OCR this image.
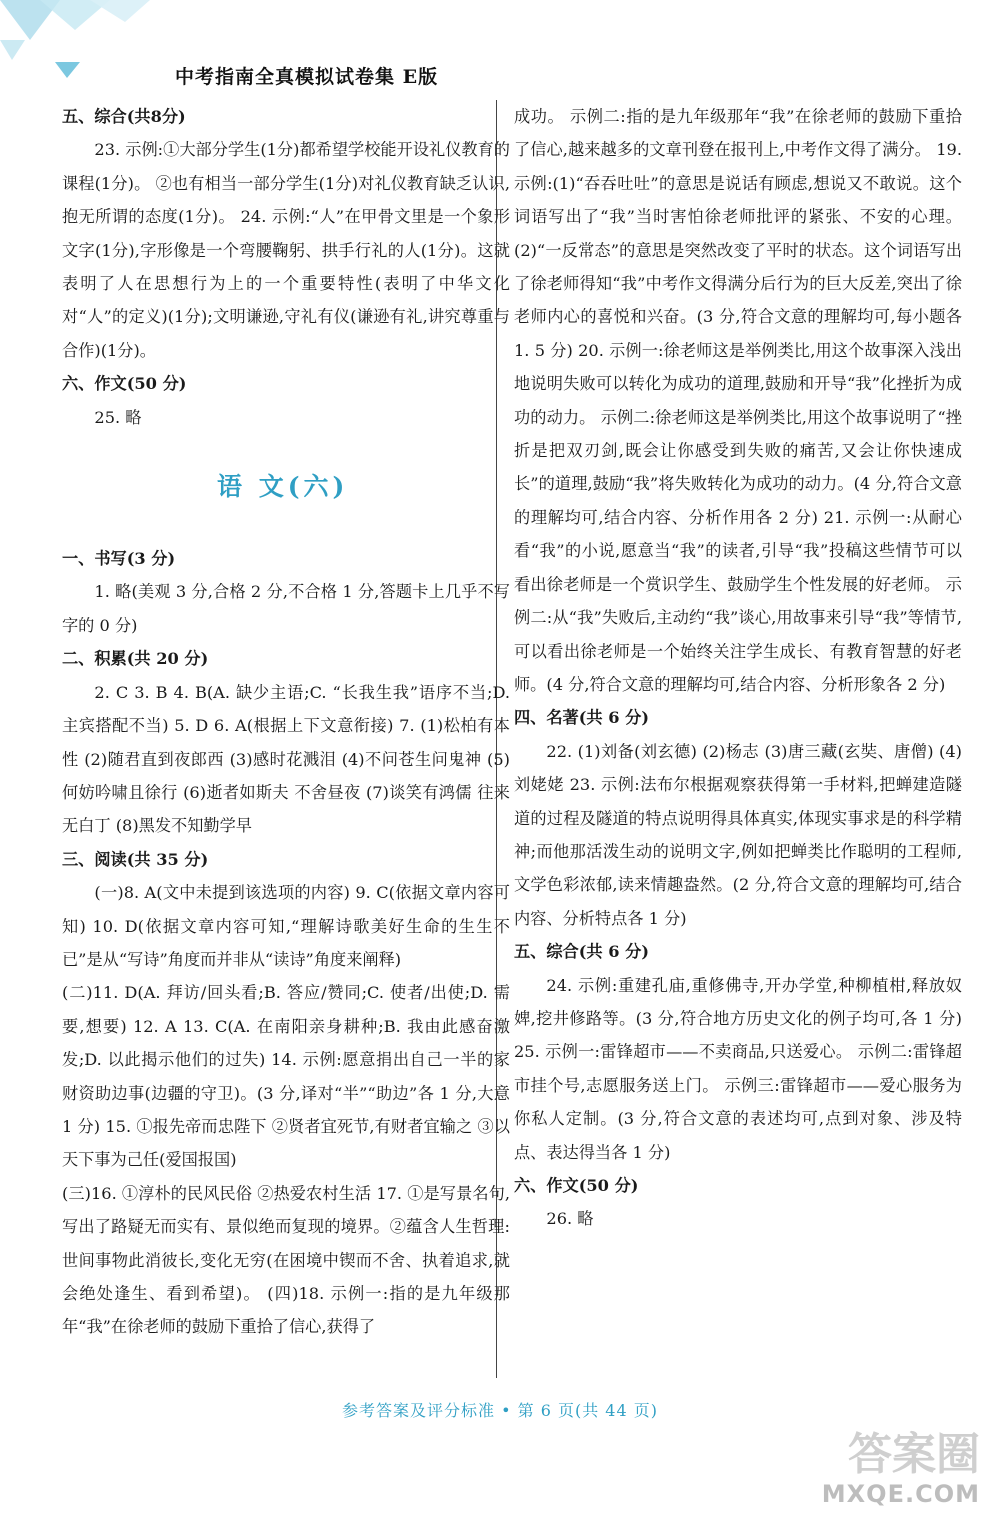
中考指南全真模拟试卷集 E版

五、综合(共8分)

23. 示例:①大部分学生(1分)都希望学校能开设礼仪教育的课程(1分)。 ②也有相当一部分学生(1分)对礼仪教育缺乏认识,抱无所谓的态度(1分)。 24. 示例:“人”在甲骨文里是一个象形文字(1分),字形像是一个弯腰鞠躬、拱手行礼的人(1分)。这就表明了人在思想行为上的一个重要特性(表明了中华文化对“人”的定义)(1分);文明谦逊,守礼有仪(谦逊有礼,讲究尊重与合作)(1分)。

六、作文(50 分)

25. 略

语 文(六)

一、书写(3 分)

1. 略(美观 3 分,合格 2 分,不合格 1 分,答题卡上几乎不写字的 0 分)

二、积累(共 20 分)

2. C 3. B 4. B(A. 缺少主语;C. “长我生我”语序不当;D. 主宾搭配不当) 5. D 6. A(根据上下文意衔接) 7. (1)松柏有本性 (2)随君直到夜郎西 (3)感时花溅泪 (4)不问苍生问鬼神 (5)何妨吟啸且徐行 (6)逝者如斯夫 不舍昼夜 (7)谈笑有鸿儒 往来无白丁 (8)黑发不知勤学早

三、阅读(共 35 分)

(一)8. A(文中未提到该选项的内容) 9. C(依据文章内容可知) 10. D(依据文章内容可知,“理解诗歌美好生命的生生不已”是从“写诗”角度而并非从“读诗”角度来阐释)

(二)11. D(A. 拜访/回头看;B. 答应/赞同;C. 使者/出使;D. 需要,想要) 12. A 13. C(A. 在南阳亲身耕种;B. 我由此感奋激发;D. 以此揭示他们的过失) 14. 示例:愿意捐出自己一半的家财资助边事(边疆的守卫)。(3 分,译对“半”“助边”各 1 分,大意 1 分) 15. ①报先帝而忠陛下 ②贤者宜死节,有财者宜输之 ③以天下事为己任(爱国报国)

(三)16. ①淳朴的民风民俗 ②热爱农村生活 17. ①是写景名句,写出了路疑无而实有、景似绝而复现的境界。②蕴含人生哲理:世间事物此消彼长,变化无穷(在困境中锲而不舍、执着追求,就会绝处逢生、看到希望)。 (四)18. 示例一:指的是九年级那年“我”在徐老师的鼓励下重拾了信心,获得了

成功。 示例二:指的是九年级那年“我”在徐老师的鼓励下重拾了信心,越来越多的文章刊登在报刊上,中考作文得了满分。 19. 示例:(1)“吞吞吐吐”的意思是说话有顾虑,想说又不敢说。这个词语写出了“我”当时害怕徐老师批评的紧张、不安的心理。 (2)“一反常态”的意思是突然改变了平时的状态。这个词语写出了徐老师得知“我”中考作文得满分后行为的巨大反差,突出了徐老师内心的喜悦和兴奋。(3 分,符合文意的理解均可,每小题各 1. 5 分) 20. 示例一:徐老师这是举例类比,用这个故事深入浅出地说明失败可以转化为成功的道理,鼓励和开导“我”化挫折为成功的动力。 示例二:徐老师这是举例类比,用这个故事说明了“挫折是把双刃剑,既会让你感受到失败的痛苦,又会让你快速成长”的道理,鼓励“我”将失败转化为成功的动力。(4 分,符合文意的理解均可,结合内容、分析作用各 2 分) 21. 示例一:从耐心看“我”的小说,愿意当“我”的读者,引导“我”投稿这些情节可以看出徐老师是一个赏识学生、鼓励学生个性发展的好老师。 示例二:从“我”失败后,主动约“我”谈心,用故事来引导“我”等情节,可以看出徐老师是一个始终关注学生成长、有教育智慧的好老师。(4 分,符合文意的理解均可,结合内容、分析形象各 2 分)

四、名著(共 6 分)

22. (1)刘备(刘玄德) (2)杨志 (3)唐三藏(玄奘、唐僧) (4)刘姥姥 23. 示例:法布尔根据观察获得第一手材料,把蝉建造隧道的过程及隧道的特点说明得具体真实,体现实事求是的科学精神;而他那活泼生动的说明文字,例如把蝉类比作聪明的工程师,文学色彩浓郁,读来情趣盎然。(2 分,符合文意的理解均可,结合内容、分析特点各 1 分)

五、综合(共 6 分)

24. 示例:重建孔庙,重修佛寺,开办学堂,种柳植柑,释放奴婢,挖井修路等。(3 分,符合地方历史文化的例子均可,各 1 分) 25. 示例一:雷锋超市——不卖商品,只送爱心。 示例二:雷锋超市挂个号,志愿服务送上门。 示例三:雷锋超市——爱心服务为你私人定制。(3 分,符合文意的表述均可,点到对象、涉及特点、表达得当各 1 分)

六、作文(50 分)

26. 略

参考答案及评分标准 • 第 6 页(共 44 页)
答案圈
MXQE.COM
